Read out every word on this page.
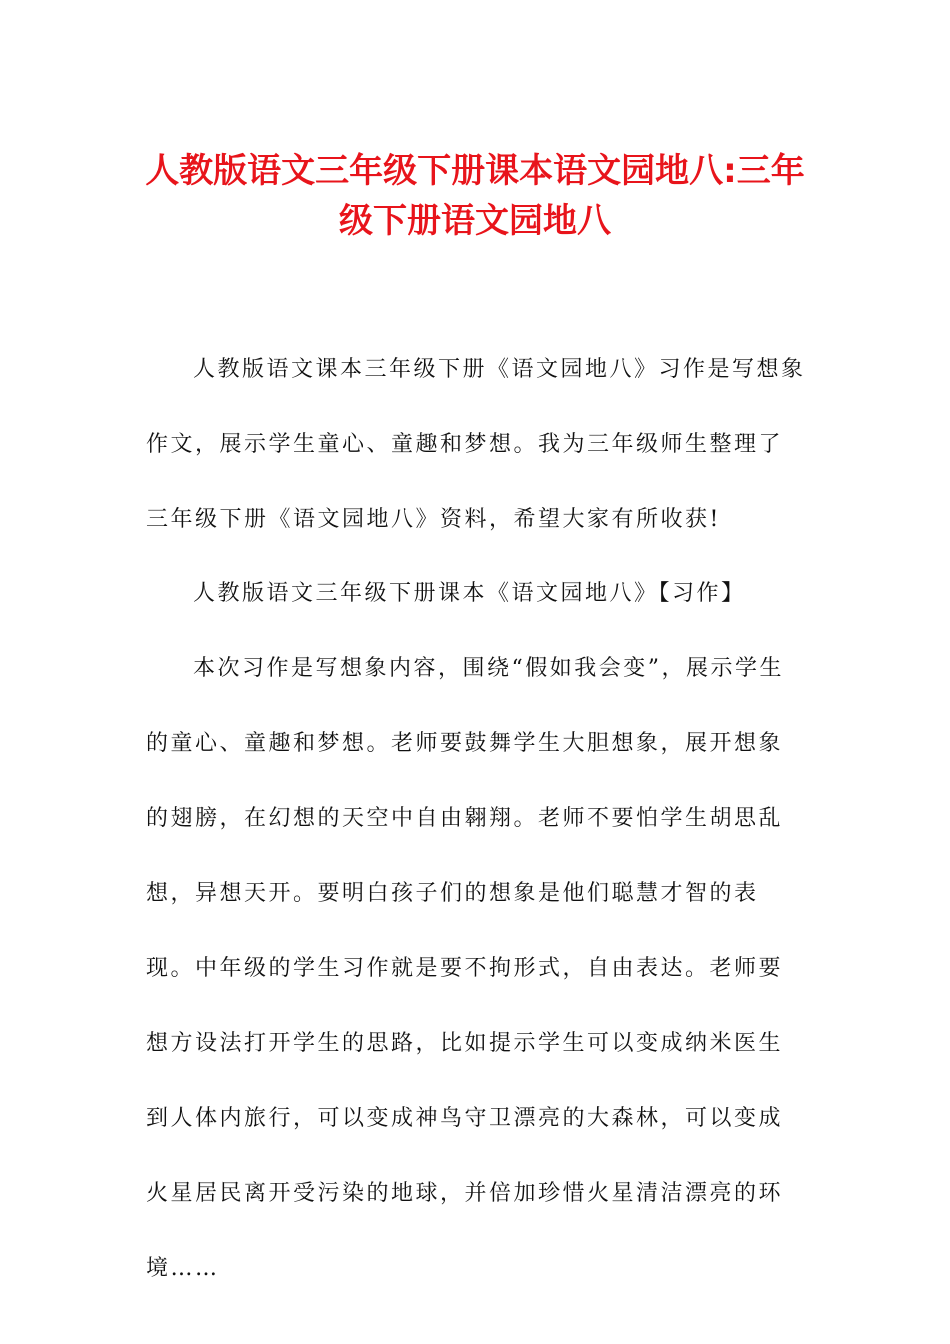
人教版语文三年级下册课本语文园地八:三年级下册语文园地八

人教版语文课本三年级下册《语文园地八》习作是写想象作文，展示学生童心、童趣和梦想。我为三年级师生整理了三年级下册《语文园地八》资料，希望大家有所收获!

人教版语文三年级下册课本《语文园地八》【习作】

本次习作是写想象内容，围绕“假如我会变”，展示学生的童心、童趣和梦想。老师要鼓舞学生大胆想象，展开想象的翅膀，在幻想的天空中自由翱翔。老师不要怕学生胡思乱想，异想天开。要明白孩子们的想象是他们聪慧才智的表现。中年级的学生习作就是要不拘形式，自由表达。老师要想方设法打开学生的思路，比如提示学生可以变成纳米医生到人体内旅行，可以变成神鸟守卫漂亮的大森林，可以变成火星居民离开受污染的地球，并倍加珍惜火星清洁漂亮的环境……
